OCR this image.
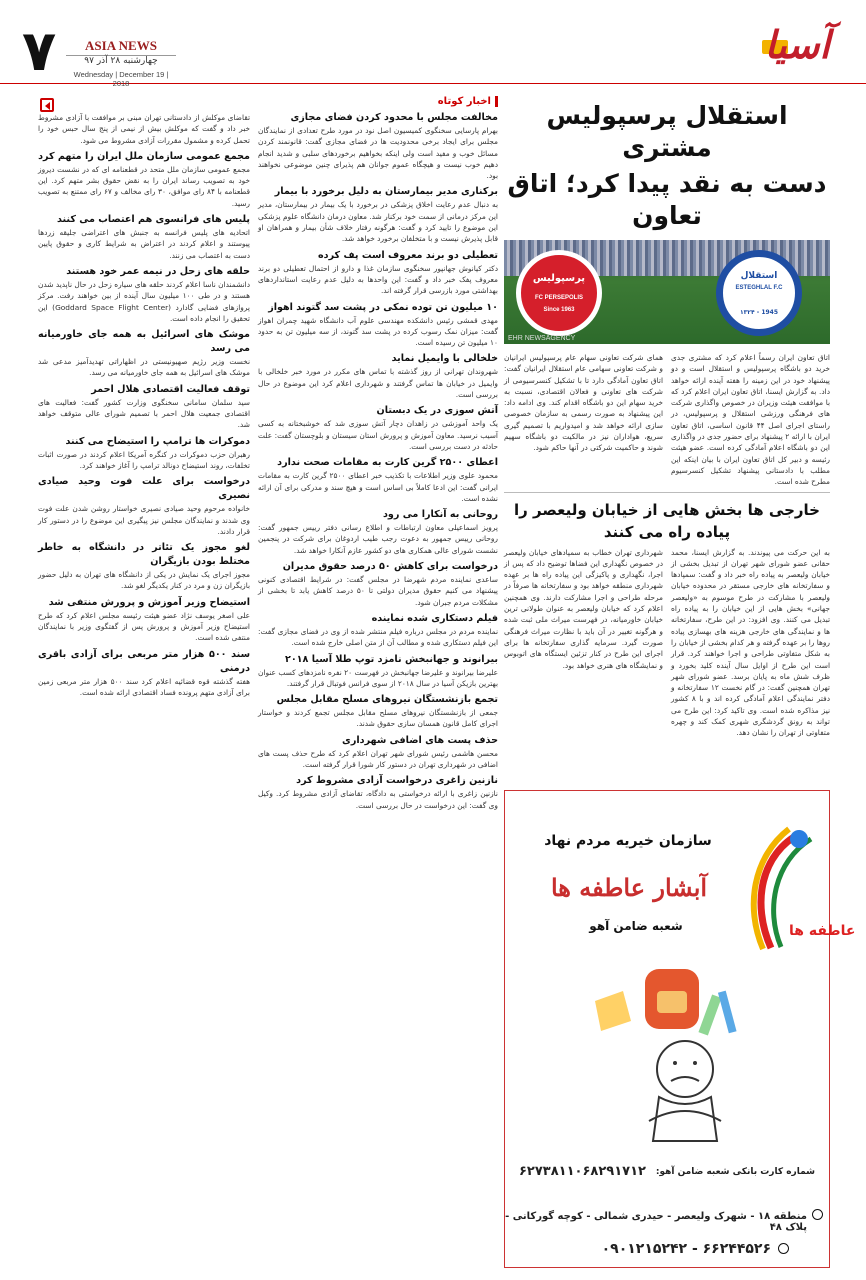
۷	ASIA NEWS
چهارشنبه ۲۸ آذر ۹۷
Wednesday | December 19 | 2018
آسیا
استقلال پرسپولیس مشتری
دست به نقد پیدا کرد؛ اتاق تعاون
استقلال
ESTEGHLAL F.C
1945 - ۱۳۲۴
پرسپولیس
FC PERSEPOLIS
Since 1963
EHR NEWSAGENCY
اتاق تعاون ایران رسماً اعلام کرد که مشتری جدی خرید دو باشگاه پرسپولیس و استقلال است و دو پیشنهاد خود در این زمینه را هفته آینده ارائه خواهد داد. به گزارش ایسنا، اتاق تعاون ایران اعلام کرد که با موافقت هیئت وزیران در خصوص واگذاری شرکت های فرهنگی ورزشی استقلال و پرسپولیس، در راستای اجرای اصل ۴۴ قانون اساسی، اتاق تعاون ایران با ارائه ۲ پیشنهاد برای حضور جدی در واگذاری این دو باشگاه اعلام آمادگی کرده است. عضو هیئت رئیسه و دبیر کل اتاق تعاون ایران با بیان اینکه این مطلب با دادستانی پیشنهاد تشکیل کنسرسیوم مطرح شده است.
همای شرکت تعاونی سهام عام پرسپولیس ایرانیان و شرکت تعاونی سهامی عام استقلال ایرانیان گفت: اتاق تعاون آمادگی دارد تا با تشکیل کنسرسیومی از شرکت های تعاونی و فعالان اقتصادی، نسبت به خرید سهام این دو باشگاه اقدام کند. وی ادامه داد: این پیشنهاد به صورت رسمی به سازمان خصوصی سازی ارائه خواهد شد و امیدواریم با تصمیم گیری سریع، هواداران نیز در مالکیت دو باشگاه سهیم شوند و حاکمیت شرکتی در آنها حاکم شود.
خارجی ها بخش هایی از خیابان ولیعصر را پیاده راه می کنند
به این حرکت می پیوندند. به گزارش ایسنا، محمد حقانی عضو شورای شهر تهران از تبدیل بخشی از خیابان ولیعصر به پیاده راه خبر داد و گفت: سمپادها و سفارتخانه های خارجی مستقر در محدوده خیابان ولیعصر با مشارکت در طرح موسوم به «ولیعصر جهانی» بخش هایی از این خیابان را به پیاده راه تبدیل می کنند. وی افزود: در این طرح، سفارتخانه ها و نمایندگی های خارجی هزینه های بهسازی پیاده روها را بر عهده گرفته و هر کدام بخشی از خیابان را به شکل متفاوتی طراحی و اجرا خواهند کرد. قرار است این طرح از اوایل سال آینده کلید بخورد و ظرف شش ماه به پایان برسد. عضو شورای شهر تهران همچنین گفت: در گام نخست ۱۲ سفارتخانه و دفتر نمایندگی اعلام آمادگی کرده اند و با ۸ کشور نیز مذاکره شده است. وی تاکید کرد: این طرح می تواند به رونق گردشگری شهری کمک کند و چهره متفاوتی از تهران را نشان دهد.
شهرداری تهران خطاب به سمپادهای خیابان ولیعصر در خصوص نگهداری این فضاها توضیح داد که پس از اجرا، نگهداری و پاکیزگی این پیاده راه ها بر عهده شهرداری منطقه خواهد بود و سفارتخانه ها صرفاً در مرحله طراحی و اجرا مشارکت دارند. وی همچنین اعلام کرد که خیابان ولیعصر به عنوان طولانی ترین خیابان خاورمیانه، در فهرست میراث ملی ثبت شده و هرگونه تغییر در آن باید با نظارت میراث فرهنگی صورت گیرد. سرمایه گذاری سفارتخانه ها برای اجرای این طرح در کنار تزئین ایستگاه های اتوبوس و نمایشگاه های هنری خواهد بود.
عاطفه ها
سازمان خیریه مردم نهاد
آبشار عاطفه ها
شعبه ضامن آهو
شماره کارت بانکی شعبه ضامن آهو:
۶۲۷۳۸۱۱۰۶۸۲۹۱۷۱۲
منطقه ۱۸ - شهرک ولیعصر - حیدری شمالی - کوچه گورکانی - پلاک ۴۸
۶۶۲۴۴۵۲۶ - ۰۹۰۱۲۱۵۲۴۲
اخبار کوتاه
مخالفت مجلس با محدود کردن فضای مجازی
بهرام پارسایی سخنگوی کمیسیون اصل نود در مورد طرح تعدادی از نمایندگان مجلس برای ایجاد برخی محدودیت ها در فضای مجازی گفت: قانونمند کردن مسائل خوب و مفید است ولی اینکه بخواهیم برخوردهای سلبی و شدید انجام دهیم خوب نیست و هیچگاه عموم جوانان هم پذیرای چنین موضوعی نخواهند بود.
برکناری مدیر بیمارستان به دلیل برخورد با بیمار
به دنبال عدم رعایت اخلاق پزشکی در برخورد با یک بیمار در بیمارستان، مدیر این مرکز درمانی از سمت خود برکنار شد. معاون درمان دانشگاه علوم پزشکی این موضوع را تایید کرد و گفت: هرگونه رفتار خلاف شأن بیمار و همراهان او قابل پذیرش نیست و با متخلفان برخورد خواهد شد.
تعطیلی دو برند معروف است پف کرده
دکتر کیانوش جهانپور سخنگوی سازمان غذا و دارو از احتمال تعطیلی دو برند معروف پفک خبر داد و گفت: این واحدها به دلیل عدم رعایت استانداردهای بهداشتی مورد بازرسی قرار گرفته اند.
۱۰ میلیون تن توده نمکی در پشت سد گتوند اهواز
مهدی قمشی رئیس دانشکده مهندسی علوم آب دانشگاه شهید چمران اهواز گفت: میزان نمک رسوب کرده در پشت سد گتوند، از سه میلیون تن به حدود ۱۰ میلیون تن رسیده است.
خلخالی با وایمیل نماید
شهروندان تهرانی از روز گذشته با تماس های مکرر در مورد خبر خلخالی با وایمیل در خیابان ها تماس گرفتند و شهرداری اعلام کرد این موضوع در حال بررسی است.
آتش سوزی در یک دبستان
یک واحد آموزشی در زاهدان دچار آتش سوزی شد که خوشبختانه به کسی آسیب نرسید. معاون آموزش و پرورش استان سیستان و بلوچستان گفت: علت حادثه در دست بررسی است.
اعطای ۲۵۰۰ گرین کارت به مقامات صحت ندارد
محمود علوی وزیر اطلاعات با تکذیب خبر اعطای ۲۵۰۰ گرین کارت به مقامات ایرانی گفت: این ادعا کاملاً بی اساس است و هیچ سند و مدرکی برای آن ارائه نشده است.
روحانی به آنکارا می رود
پرویز اسماعیلی معاون ارتباطات و اطلاع رسانی دفتر رییس جمهور گفت: روحانی رییس جمهور به دعوت رجب طیب اردوغان برای شرکت در پنجمین نشست شورای عالی همکاری های دو کشور عازم آنکارا خواهد شد.
درخواست برای کاهش ۵۰ درصد حقوق مدیران
ساعدی نماینده مردم شهرضا در مجلس گفت: در شرایط اقتصادی کنونی پیشنهاد می کنیم حقوق مدیران دولتی تا ۵۰ درصد کاهش یابد تا بخشی از مشکلات مردم جبران شود.
فیلم دستکاری شده نماینده
نماینده مردم در مجلس درباره فیلم منتشر شده از وی در فضای مجازی گفت: این فیلم دستکاری شده و مطالب آن از متن اصلی خارج شده است.
بیرانوند و جهانبخش نامزد توپ طلا آسیا ۲۰۱۸
علیرضا بیرانوند و علیرضا جهانبخش در فهرست ۲۰ نفره نامزدهای کسب عنوان بهترین بازیکن آسیا در سال ۲۰۱۸ از سوی فرانس فوتبال قرار گرفتند.
تجمع بازنشستگان نیروهای مسلح مقابل مجلس
جمعی از بازنشستگان نیروهای مسلح مقابل مجلس تجمع کردند و خواستار اجرای کامل قانون همسان سازی حقوق شدند.
حذف پست های اضافی شهرداری
محسن هاشمی رئیس شورای شهر تهران اعلام کرد که طرح حذف پست های اضافی در شهرداری تهران در دستور کار شورا قرار گرفته است.
نازنین زاغری درخواست آزادی مشروط کرد
نازنین زاغری با ارائه درخواستی به دادگاه، تقاضای آزادی مشروط کرد. وکیل وی گفت: این درخواست در حال بررسی است.
تقاضای موکلش از دادستانی تهران مبنی بر موافقت با آزادی مشروط خبر داد و گفت که موکلش بیش از نیمی از پنج سال حبس خود را تحمل کرده و مشمول مقررات آزادی مشروط می شود.
مجمع عمومی سازمان ملل ایران را متهم کرد
مجمع عمومی سازمان ملل متحد در قطعنامه ای که در نشست دیروز خود به تصویب رساند ایران را به نقض حقوق بشر متهم کرد. این قطعنامه با ۸۴ رای موافق، ۳۰ رای مخالف و ۶۷ رای ممتنع به تصویب رسید.
پلیس های فرانسوی هم اعتصاب می کنند
اتحادیه های پلیس فرانسه به جنبش های اعتراضی جلیقه زردها پیوستند و اعلام کردند در اعتراض به شرایط کاری و حقوق پایین دست به اعتصاب می زنند.
حلقه های زحل در نیمه عمر خود هستند
دانشمندان ناسا اعلام کردند حلقه های سیاره زحل در حال ناپدید شدن هستند و در طی ۱۰۰ میلیون سال آینده از بین خواهند رفت. مرکز پروازهای فضایی گادارد (Goddard Space Flight Center) این تحقیق را انجام داده است.
موشک های اسرائیل به همه جای خاورمیانه می رسد
نخست وزیر رژیم صهیونیستی در اظهاراتی تهدیدآمیز مدعی شد موشک های اسرائیل به همه جای خاورمیانه می رسد.
توقف فعالیت اقتصادی هلال احمر
سید سلمان سامانی سخنگوی وزارت کشور گفت: فعالیت های اقتصادی جمعیت هلال احمر با تصمیم شورای عالی متوقف خواهد شد.
دموکرات ها ترامپ را استیضاح می کنند
رهبران حزب دموکرات در کنگره آمریکا اعلام کردند در صورت اثبات تخلفات، روند استیضاح دونالد ترامپ را آغاز خواهند کرد.
درخواست برای علت فوت وحید صیادی نصیری
خانواده مرحوم وحید صیادی نصیری خواستار روشن شدن علت فوت وی شدند و نمایندگان مجلس نیز پیگیری این موضوع را در دستور کار قرار دادند.
لغو مجوز یک تئاتر در دانشگاه به خاطر مختلط بودن بازیگران
مجوز اجرای یک نمایش در یکی از دانشگاه های تهران به دلیل حضور بازیگران زن و مرد در کنار یکدیگر لغو شد.
استیضاح وزیر آموزش و پرورش منتفی شد
علی اصغر یوسف نژاد عضو هیئت رئیسه مجلس اعلام کرد که طرح استیضاح وزیر آموزش و پرورش پس از گفتگوی وزیر با نمایندگان منتفی شده است.
سند ۵۰۰ هزار متر مربعی برای آزادی باقری درمنی
هفته گذشته قوه قضائیه اعلام کرد سند ۵۰۰ هزار متر مربعی زمین برای آزادی متهم پرونده فساد اقتصادی ارائه شده است.
